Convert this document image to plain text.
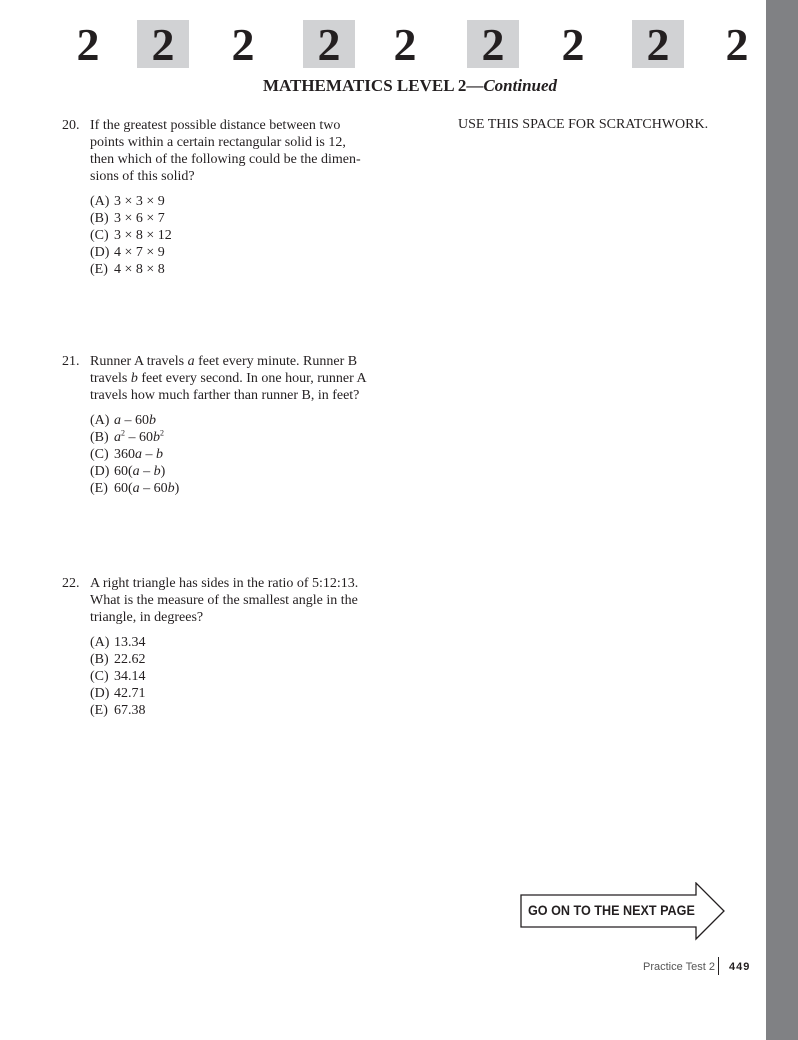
2	2	2	2	2	2	2	2	2
MATHEMATICS LEVEL 2—Continued
USE THIS SPACE FOR SCRATCHWORK.
20. If the greatest possible distance between two
points within a certain rectangular solid is 12,
then which of the following could be the dimen-
sions of this solid?
(A) 3 × 3 × 9
(B) 3 × 6 × 7
(C) 3 × 8 × 12
(D) 4 × 7 × 9
(E) 4 × 8 × 8
21. Runner A travels a feet every minute. Runner B
travels b feet every second. In one hour, runner A
travels how much farther than runner B, in feet?
(A) a – 60b
(B) $a^2 - 60b^2$
(C) 360a – b
(D) 60(a – b)
(E) 60(a – 60b)
22. A right triangle has sides in the ratio of 5:12:13.
What is the measure of the smallest angle in the
triangle, in degrees?
(A) 13.34
(B) 22.62
(C) 34.14
(D) 42.71
(E) 67.38
GO ON TO THE NEXT PAGE
Practice Test 2 449
